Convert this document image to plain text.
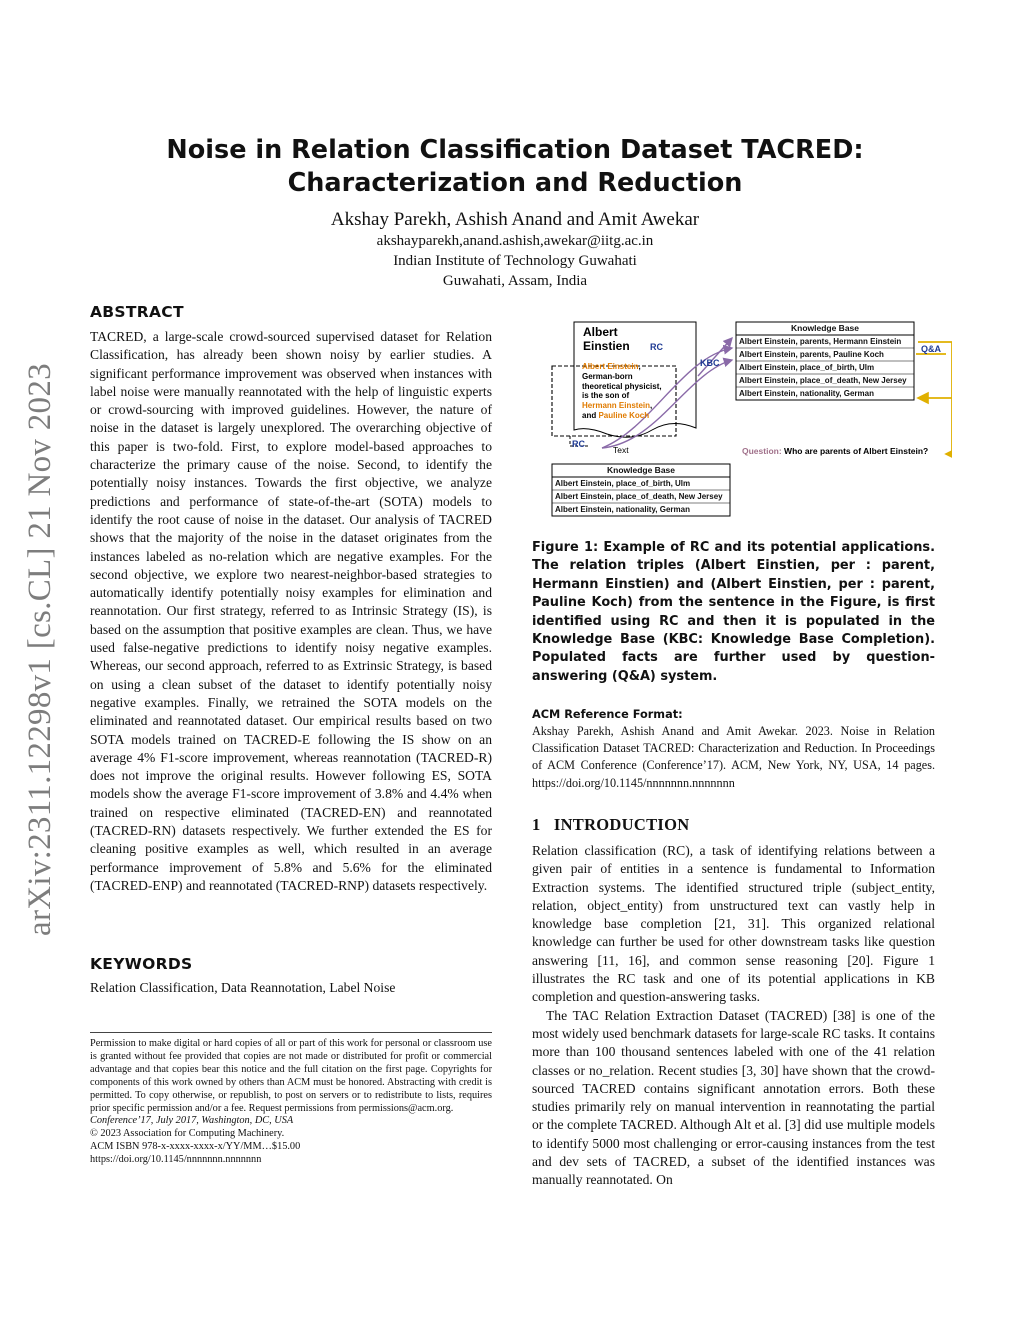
arXiv:2311.12298v1 [cs.CL] 21 Nov 2023
Noise in Relation Classification Dataset TACRED:
Characterization and Reduction
Akshay Parekh, Ashish Anand and Amit Awekar
akshayparekh,anand.ashish,awekar@iitg.ac.in
Indian Institute of Technology Guwahati
Guwahati, Assam, India
ABSTRACT

TACRED, a large-scale crowd-sourced supervised dataset for Relation Classification, has already been shown noisy by earlier studies. A significant performance improvement was observed when instances with label noise were manually reannotated with the help of linguistic experts or crowd-sourcing with improved guidelines. However, the nature of noise in the dataset is largely unexplored. The overarching objective of this paper is two-fold. First, to explore model-based approaches to characterize the primary cause of the noise. Second, to identify the potentially noisy instances. Towards the first objective, we analyze predictions and performance of state-of-the-art (SOTA) models to identify the root cause of noise in the dataset. Our analysis of TACRED shows that the majority of the noise in the dataset originates from the instances labeled as no-relation which are negative examples. For the second objective, we explore two nearest-neighbor-based strategies to automatically identify potentially noisy examples for elimination and reannotation. Our first strategy, referred to as Intrinsic Strategy (IS), is based on the assumption that positive examples are clean. Thus, we have used false-negative predictions to identify noisy negative examples. Whereas, our second approach, referred to as Extrinsic Strategy, is based on using a clean subset of the dataset to identify potentially noisy negative examples. Finally, we retrained the SOTA models on the eliminated and reannotated dataset. Our empirical results based on two SOTA models trained on TACRED-E following the IS show on an average 4% F1-score improvement, whereas reannotation (TACRED-R) does not improve the original results. However following ES, SOTA models show the average F1-score improvement of 3.8% and 4.4% when trained on respective eliminated (TACRED-EN) and reannotated (TACRED-RN) datasets respectively. We further extended the ES for cleaning positive examples as well, which resulted in an average performance improvement of 5.8% and 5.6% for the eliminated (TACRED-ENP) and reannotated (TACRED-RNP) datasets respectively.

KEYWORDS
Relation Classification, Data Reannotation, Label Noise
Permission to make digital or hard copies of all or part of this work for personal or classroom use is granted without fee provided that copies are not made or distributed for profit or commercial advantage and that copies bear this notice and the full citation on the first page. Copyrights for components of this work owned by others than ACM must be honored. Abstracting with credit is permitted. To copy otherwise, or republish, to post on servers or to redistribute to lists, requires prior specific permission and/or a fee. Request permissions from permissions@acm.org.
Conference’17, July 2017, Washington, DC, USA
© 2023 Association for Computing Machinery.
ACM ISBN 978-x-xxxx-xxxx-x/YY/MM…$15.00
https://doi.org/10.1145/nnnnnnn.nnnnnnn
Albert
Einstien RC
KBC
RC
Text
Q&A
Albert Einstein,
German-born
theoretical physicist,
is the son of
Hermann Einstein,
and Pauline Koch
Knowledge Base
Albert Einstein, parents, Hermann Einstein
Albert Einstein, parents, Pauline Koch
Albert Einstein, place_of_birth, Ulm
Albert Einstein, place_of_death, New Jersey
Albert Einstein, nationality, German
Knowledge Base
Albert Einstein, place_of_birth, Ulm
Albert Einstein, place_of_death, New Jersey
Albert Einstein, nationality, German
Question: Who are parents of Albert Einstein?
Figure 1: Example of RC and its potential applications. The relation triples (Albert Einstien, per : parent, Hermann Einstien) and (Albert Einstien, per : parent, Pauline Koch) from the sentence in the Figure, is first identified using RC and then it is populated in the Knowledge Base (KBC: Knowledge Base Completion). Populated facts are further used by question-answering (Q&A) system.
ACM Reference Format:
Akshay Parekh, Ashish Anand and Amit Awekar. 2023. Noise in Relation Classification Dataset TACRED: Characterization and Reduction. In Proceedings of ACM Conference (Conference’17). ACM, New York, NY, USA, 14 pages. https://doi.org/10.1145/nnnnnnn.nnnnnnn
1 INTRODUCTION

Relation classification (RC), a task of identifying relations between a given pair of entities in a sentence is fundamental to Information Extraction systems. The identified structured triple (subject_entity, relation, object_entity) from unstructured text can vastly help in knowledge base completion [21, 31]. This organized relational knowledge can further be used for other downstream tasks like question answering [11, 16], and common sense reasoning [20]. Figure 1 illustrates the RC task and one of its potential applications in KB completion and question-answering tasks.

The TAC Relation Extraction Dataset (TACRED) [38] is one of the most widely used benchmark datasets for large-scale RC tasks. It contains more than 100 thousand sentences labeled with one of the 41 relation classes or no_relation. Recent studies [3, 30] have shown that the crowd-sourced TACRED contains significant annotation errors. Both these studies primarily rely on manual intervention in reannotating the partial or the complete TACRED. Although Alt et al. [3] did use multiple models to identify 5000 most challenging or error-causing instances from the test and dev sets of TACRED, a subset of the identified instances was manually reannotated. On
